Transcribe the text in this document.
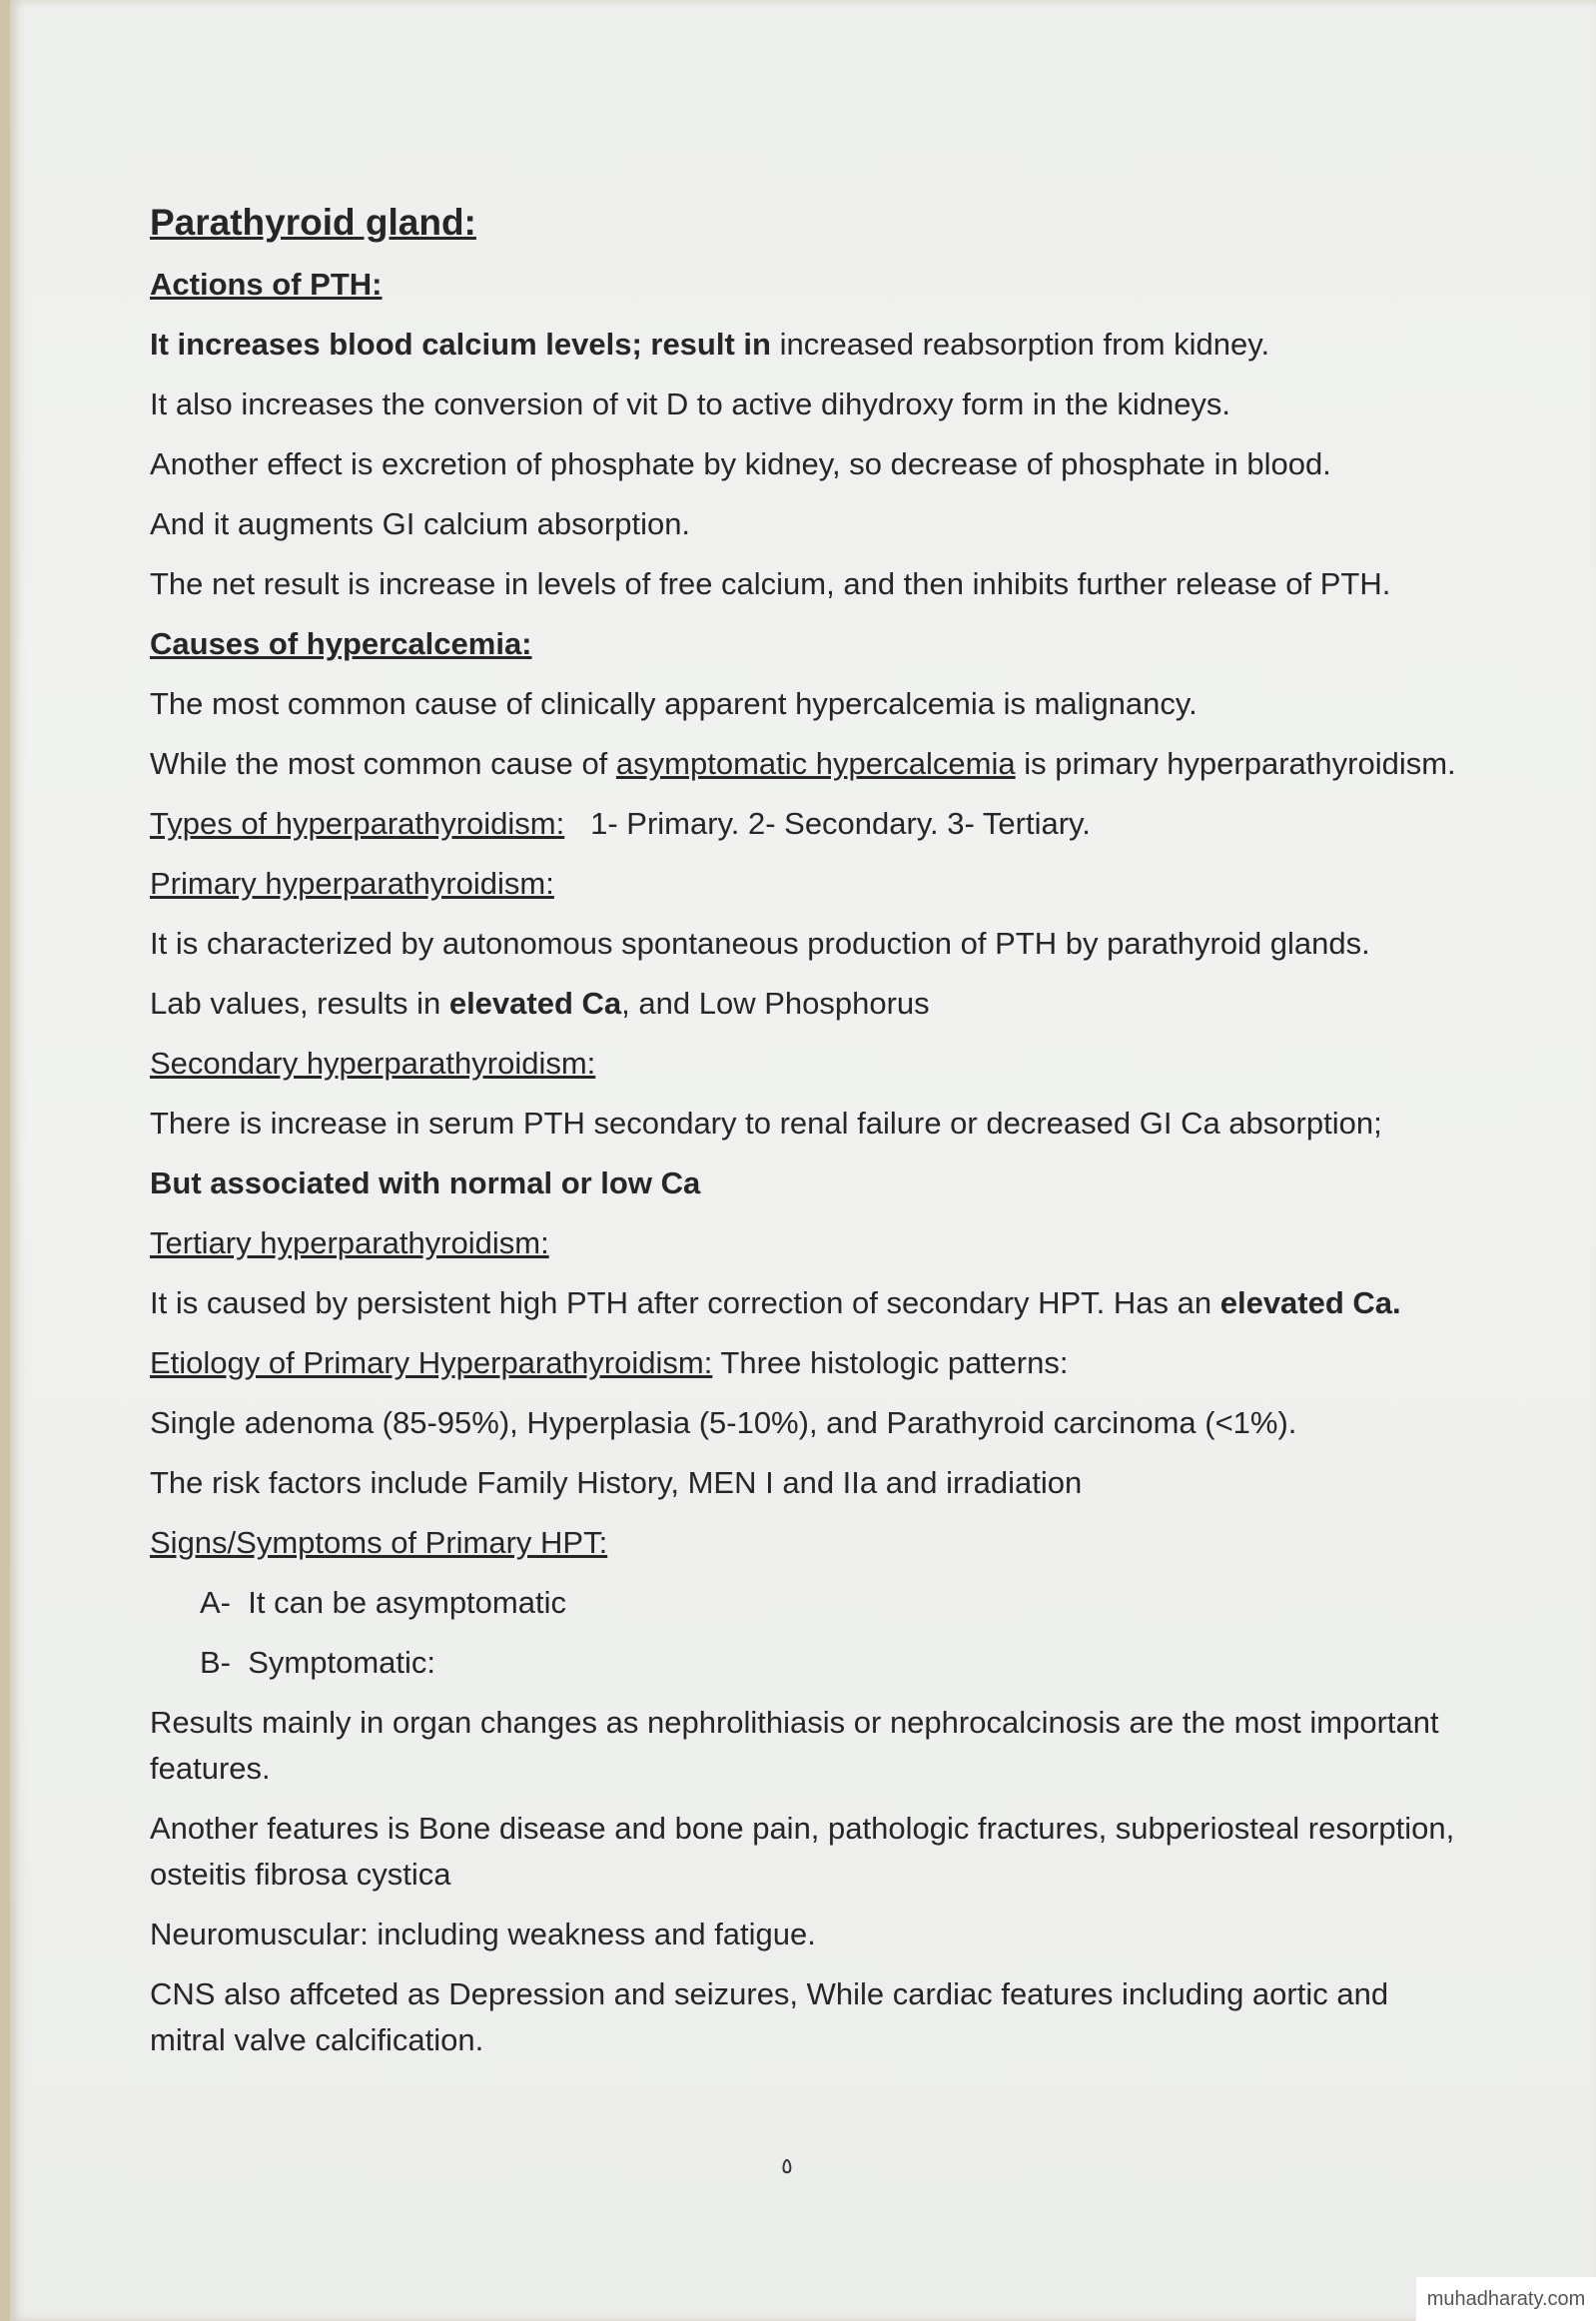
Parathyroid gland:

Actions of PTH:

It increases blood calcium levels; result in increased reabsorption from kidney.

It also increases the conversion of vit D to active dihydroxy form in the kidneys.

Another effect is excretion of phosphate by kidney, so decrease of phosphate in blood.

And it augments GI calcium absorption.

The net result is increase in levels of free calcium, and then inhibits further release of PTH.

Causes of hypercalcemia:

The most common cause of clinically apparent hypercalcemia is malignancy.

While the most common cause of asymptomatic hypercalcemia is primary hyperparathyroidism.

Types of hyperparathyroidism:   1- Primary. 2- Secondary. 3- Tertiary.

Primary hyperparathyroidism:

It is characterized by autonomous spontaneous production of PTH by parathyroid glands.

Lab values, results in elevated Ca, and Low Phosphorus

Secondary hyperparathyroidism:

There is increase in serum PTH secondary to renal failure or decreased GI Ca absorption;

But associated with normal or low Ca

Tertiary hyperparathyroidism:

It is caused by persistent high PTH after correction of secondary HPT. Has an elevated Ca.

Etiology of Primary Hyperparathyroidism: Three histologic patterns:

Single adenoma (85-95%), Hyperplasia (5-10%), and Parathyroid carcinoma (<1%).

The risk factors include Family History, MEN I and IIa and irradiation

Signs/Symptoms of Primary HPT:

A-  It can be asymptomatic

B-  Symptomatic:

Results mainly in organ changes as nephrolithiasis or nephrocalcinosis are the most important features.

Another features is Bone disease and bone pain, pathologic fractures, subperiosteal resorption, osteitis fibrosa cystica

Neuromuscular: including weakness and fatigue.

CNS also affceted as Depression and seizures, While cardiac features including aortic and mitral valve calcification.

٥
muhadharaty.com
